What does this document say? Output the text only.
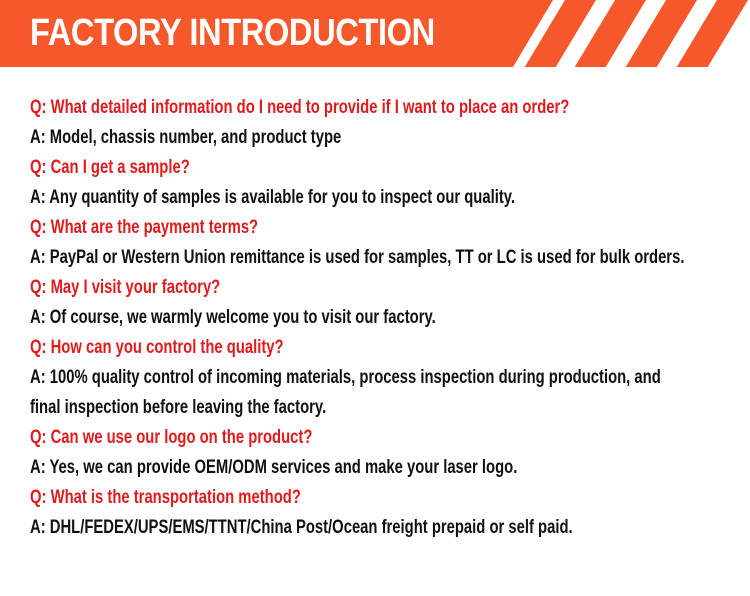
FACTORY INTRODUCTION
Q: What detailed information do I need to provide if I want to place an order?
A: Model, chassis number, and product type
Q: Can I get a sample?
A: Any quantity of samples is available for you to inspect our quality.
Q: What are the payment terms?
A: PayPal or Western Union remittance is used for samples, TT or LC is used for bulk orders.
Q: May I visit your factory?
A: Of course, we warmly welcome you to visit our factory.
Q: How can you control the quality?
A: 100% quality control of incoming materials, process inspection during production, and
final inspection before leaving the factory.
Q: Can we use our logo on the product?
A: Yes, we can provide OEM/ODM services and make your laser logo.
Q: What is the transportation method?
A: DHL/FEDEX/UPS/EMS/TTNT/China Post/Ocean freight prepaid or self paid.
